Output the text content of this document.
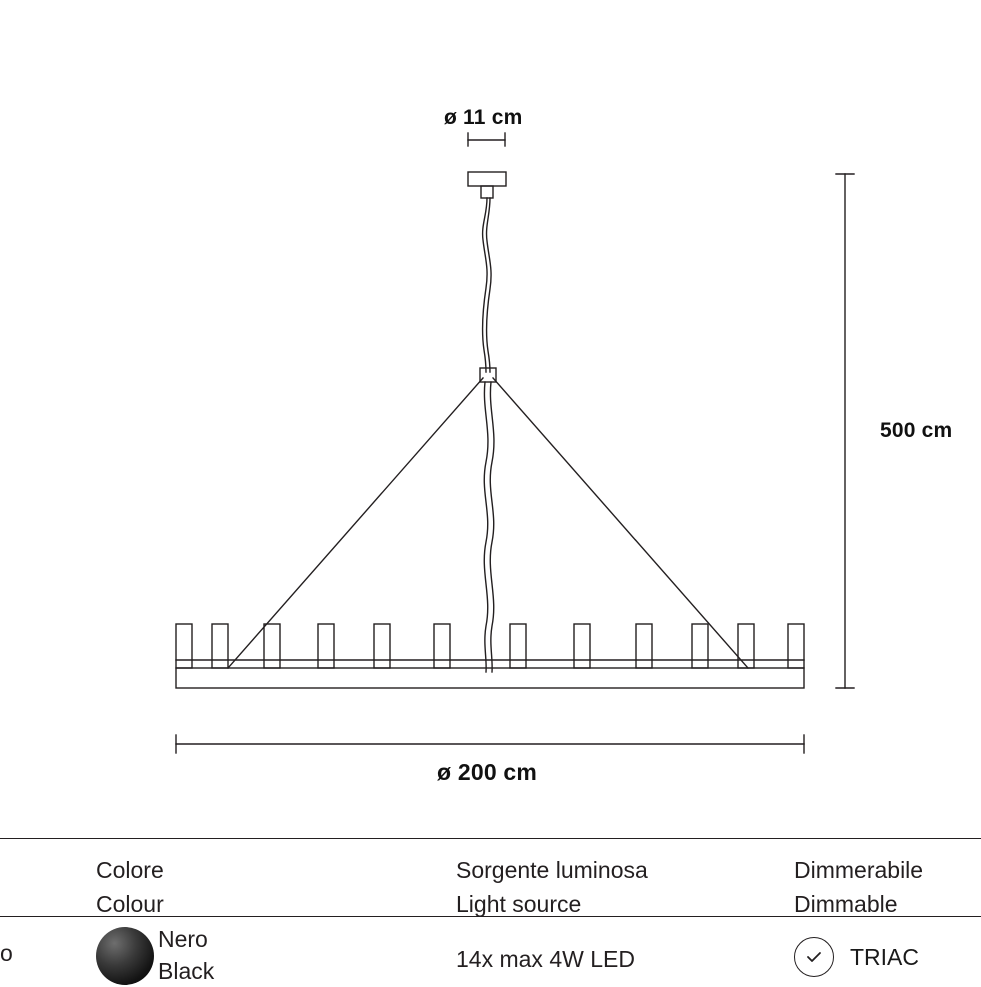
ø 11 cm
500 cm
ø 200 cm
Colore
Colour
Sorgente luminosa
Light source
Dimmerabile
Dimmable
o
Nero
Black	14x max 4W LED	TRIAC
